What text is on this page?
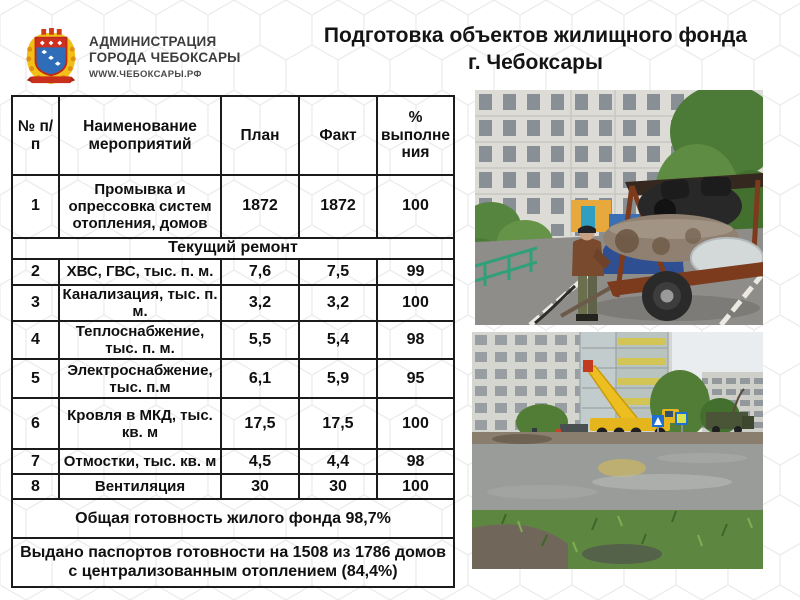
АДМИНИСТРАЦИЯ
ГОРОДА ЧЕБОКСАРЫ
WWW.ЧЕБОКСАРЫ.РФ
Подготовка объектов жилищного фонда
г. Чебоксары
№ п/п	Наименование мероприятий	План	Факт	% выполнения
1	Промывка и опрессовка систем отопления, домов	1872	1872	100
Текущий ремонт				
2	ХВС, ГВС, тыс. п. м.	7,6	7,5	99
3	Канализация, тыс. п. м.	3,2	3,2	100
4	Теплоснабжение, тыс. п. м.	5,5	5,4	98
5	Электроснабжение, тыс. п.м	6,1	5,9	95
6	Кровля в МКД, тыс. кв. м	17,5	17,5	100
7	Отмостки, тыс. кв. м	4,5	4,4	98
8	Вентиляция	30	30	100
Общая готовность жилого фонда 98,7%				
Выдано паспортов готовности на 1508 из 1786 домов с централизованным отоплением (84,4%)				
